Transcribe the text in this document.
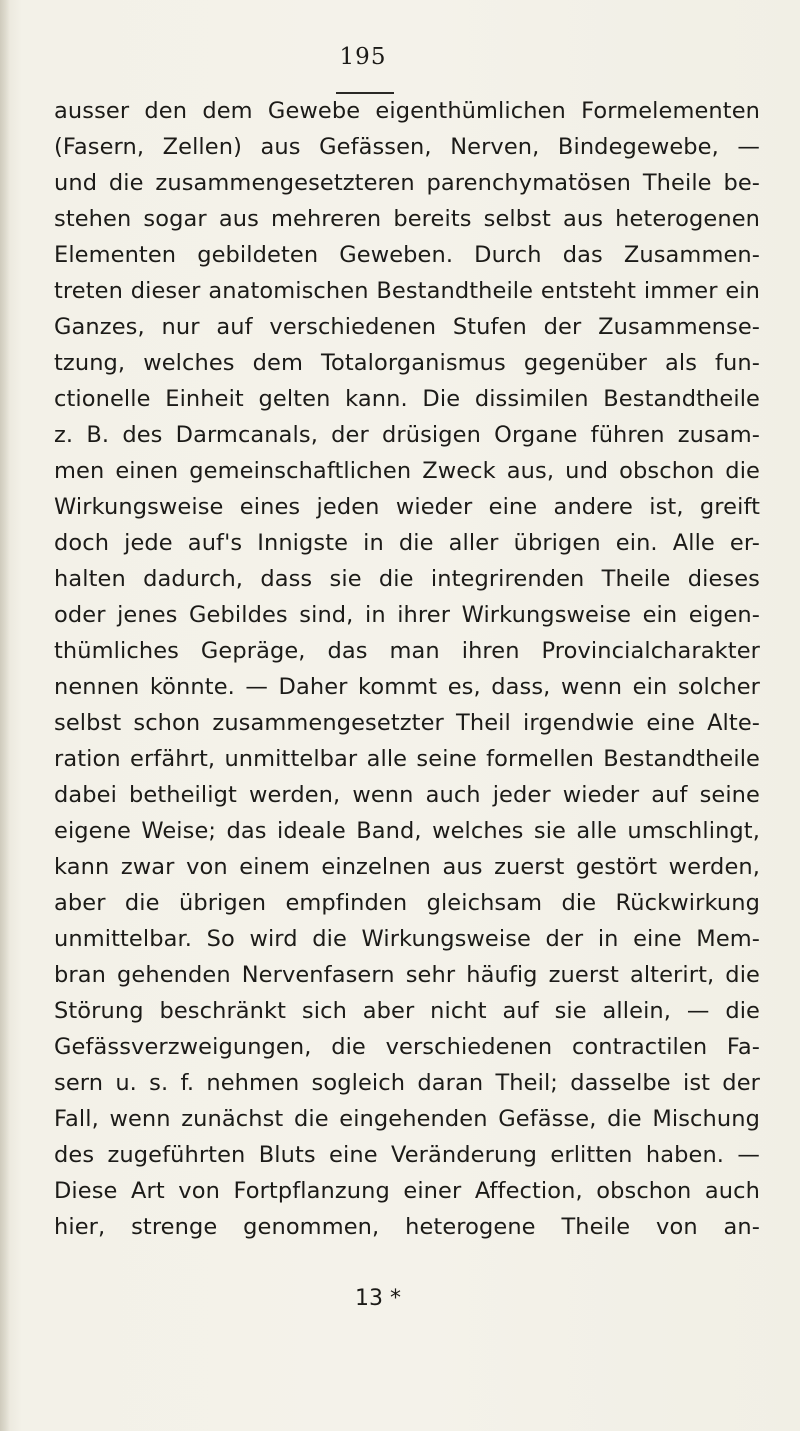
195
ausser den dem Gewebe eigenthümlichen Formelementen
(Fasern, Zellen) aus Gefässen, Nerven, Bindegewebe, —
und die zusammengesetzteren parenchymatösen Theile be-
stehen sogar aus mehreren bereits selbst aus heterogenen
Elementen gebildeten Geweben. Durch das Zusammen-
treten dieser anatomischen Bestandtheile entsteht immer ein
Ganzes, nur auf verschiedenen Stufen der Zusammense-
tzung, welches dem Totalorganismus gegenüber als fun-
ctionelle Einheit gelten kann. Die dissimilen Bestandtheile
z. B. des Darmcanals, der drüsigen Organe führen zusam-
men einen gemeinschaftlichen Zweck aus, und obschon die
Wirkungsweise eines jeden wieder eine andere ist, greift
doch jede auf's Innigste in die aller übrigen ein. Alle er-
halten dadurch, dass sie die integrirenden Theile dieses
oder jenes Gebildes sind, in ihrer Wirkungsweise ein eigen-
thümliches Gepräge, das man ihren Provincialcharakter
nennen könnte. — Daher kommt es, dass, wenn ein solcher
selbst schon zusammengesetzter Theil irgendwie eine Alte-
ration erfährt, unmittelbar alle seine formellen Bestandtheile
dabei betheiligt werden, wenn auch jeder wieder auf seine
eigene Weise; das ideale Band, welches sie alle umschlingt,
kann zwar von einem einzelnen aus zuerst gestört werden,
aber die übrigen empfinden gleichsam die Rückwirkung
unmittelbar. So wird die Wirkungsweise der in eine Mem-
bran gehenden Nervenfasern sehr häufig zuerst alterirt, die
Störung beschränkt sich aber nicht auf sie allein, — die
Gefässverzweigungen, die verschiedenen contractilen Fa-
sern u. s. f. nehmen sogleich daran Theil; dasselbe ist der
Fall, wenn zunächst die eingehenden Gefässe, die Mischung
des zugeführten Bluts eine Veränderung erlitten haben. —
Diese Art von Fortpflanzung einer Affection, obschon auch
hier, strenge genommen, heterogene Theile von an-
13 *
